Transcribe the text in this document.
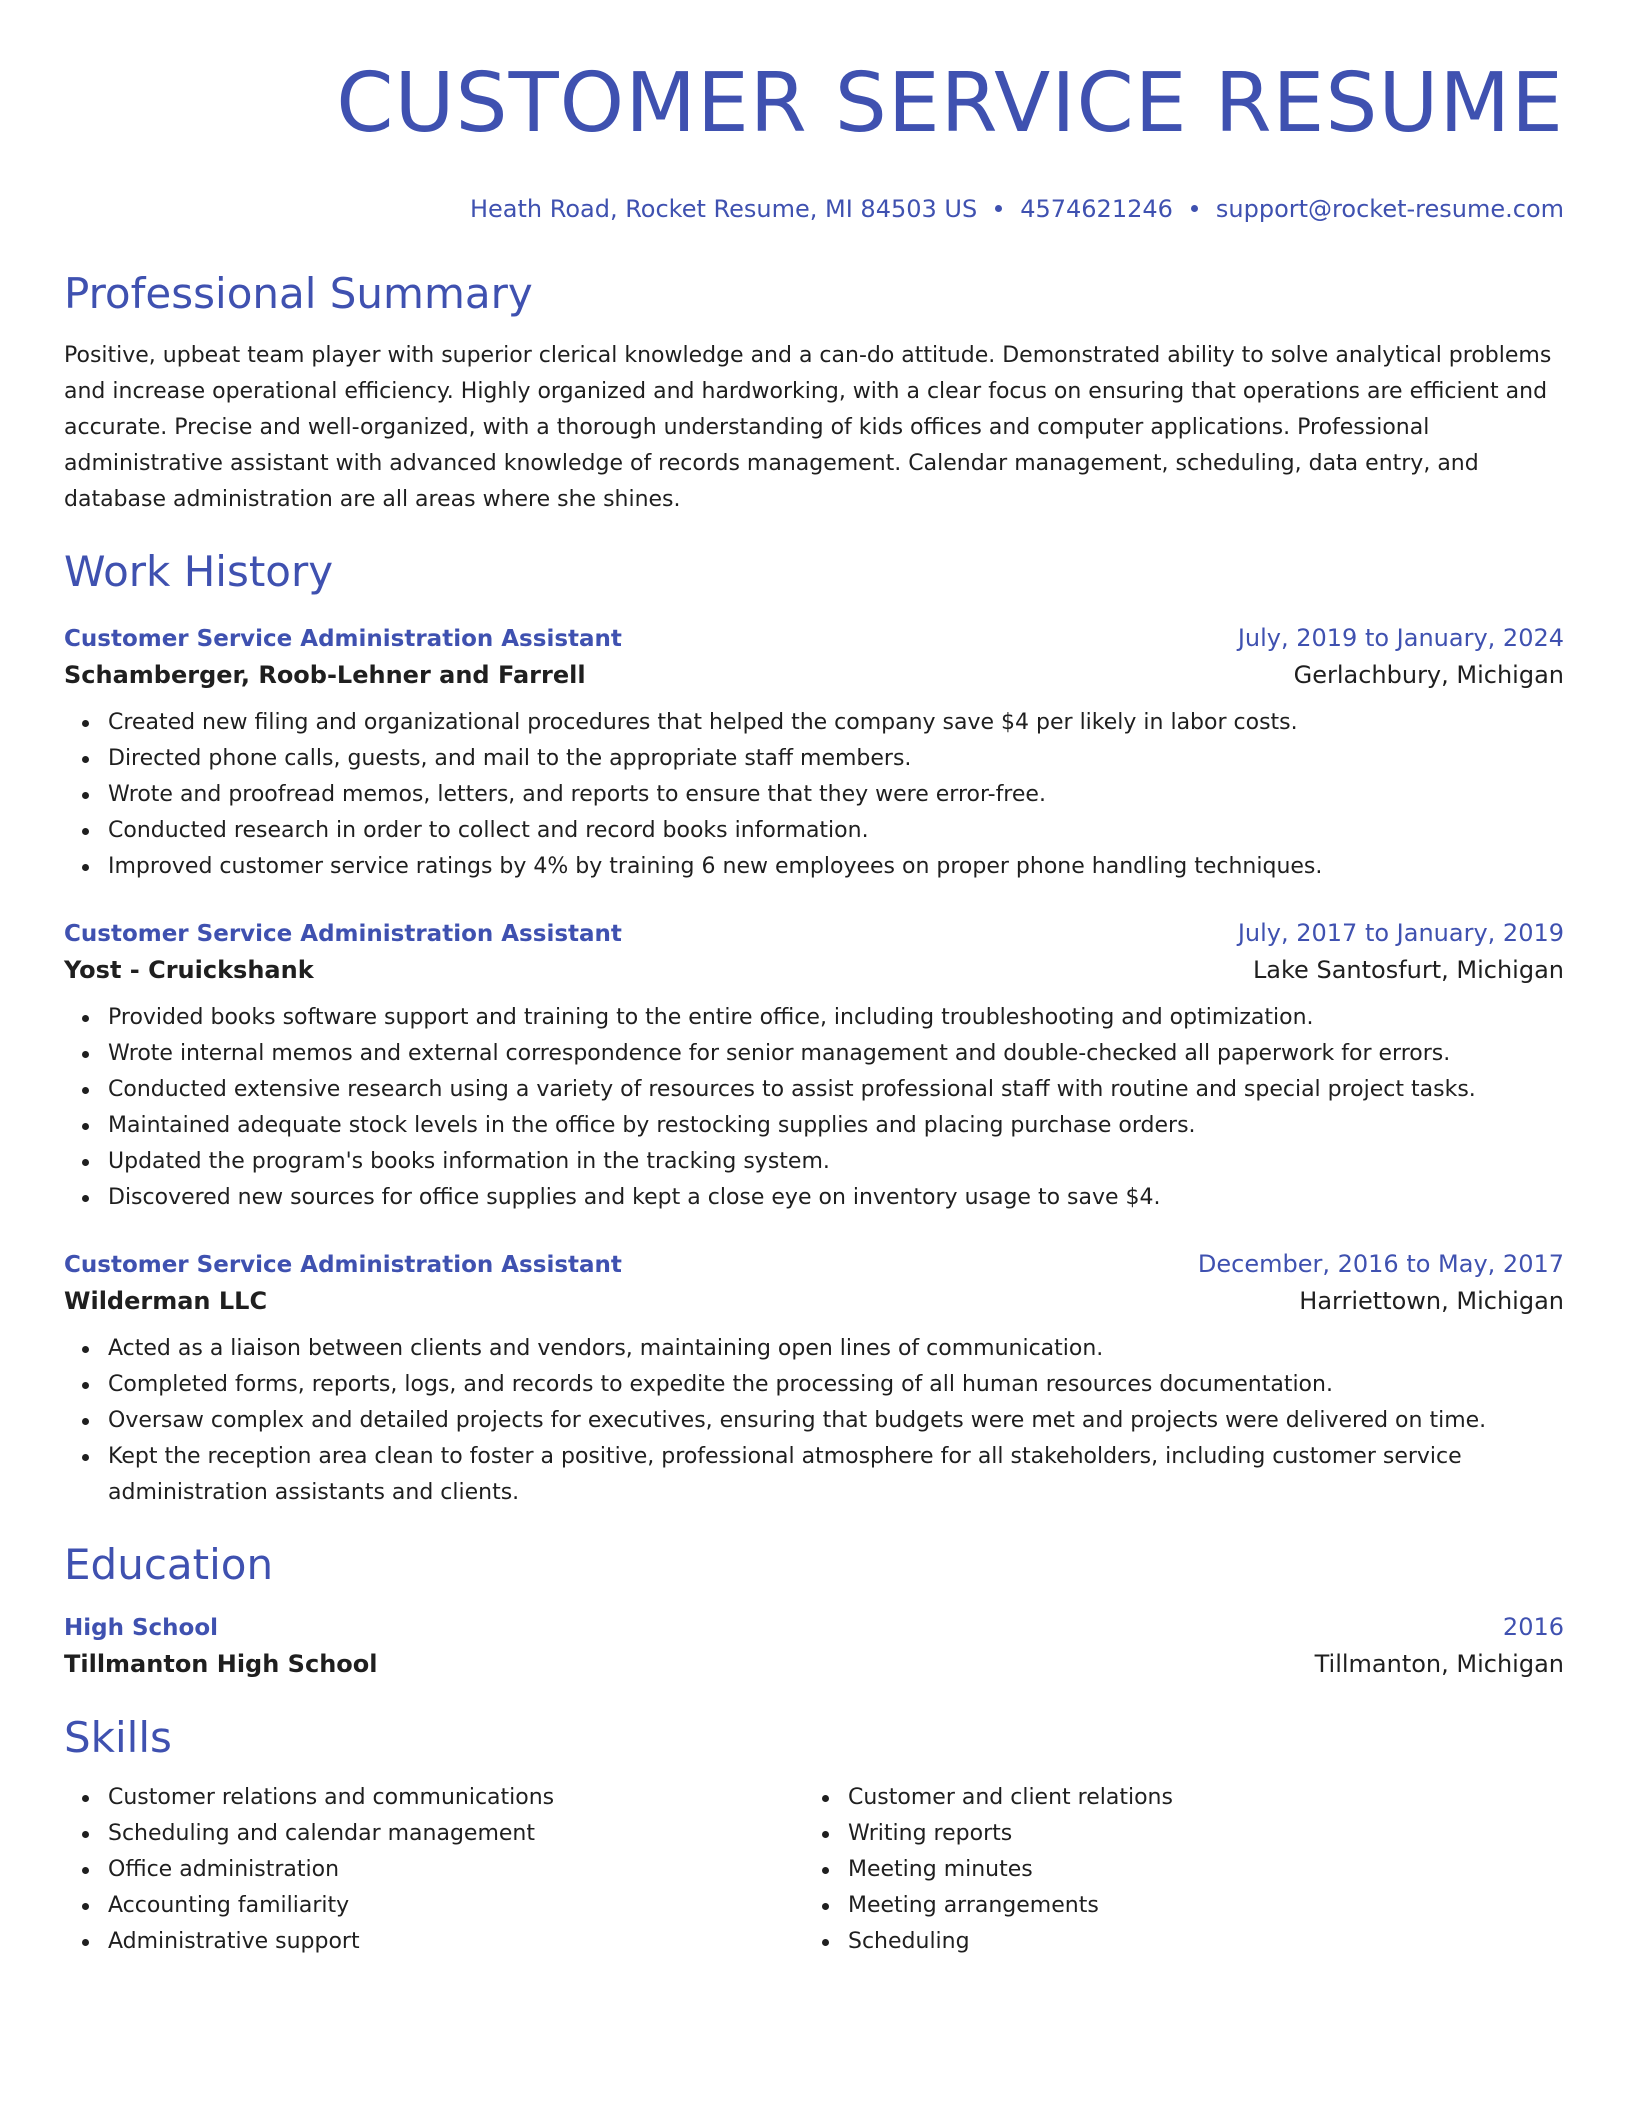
CUSTOMER SERVICE RESUME
Heath Road, Rocket Resume, MI 84503 US 4574621246 support@rocket-resume.com
Professional Summary
Positive, upbeat team player with superior clerical knowledge and a can-do attitude. Demonstrated ability to solve analytical problems and increase operational efficiency. Highly organized and hardworking, with a clear focus on ensuring that operations are efficient and accurate. Precise and well-organized, with a thorough understanding of kids offices and computer applications. Professional administrative assistant with advanced knowledge of records management. Calendar management, scheduling, data entry, and database administration are all areas where she shines.
Work History
Customer Service Administration Assistant	July, 2019 to January, 2024
Schamberger, Roob-Lehner and Farrell	Gerlachbury, Michigan
Created new filing and organizational procedures that helped the company save $4 per likely in labor costs.
Directed phone calls, guests, and mail to the appropriate staff members.
Wrote and proofread memos, letters, and reports to ensure that they were error-free.
Conducted research in order to collect and record books information.
Improved customer service ratings by 4% by training 6 new employees on proper phone handling techniques.
Customer Service Administration Assistant	July, 2017 to January, 2019
Yost - Cruickshank	Lake Santosfurt, Michigan
Provided books software support and training to the entire office, including troubleshooting and optimization.
Wrote internal memos and external correspondence for senior management and double-checked all paperwork for errors.
Conducted extensive research using a variety of resources to assist professional staff with routine and special project tasks.
Maintained adequate stock levels in the office by restocking supplies and placing purchase orders.
Updated the program's books information in the tracking system.
Discovered new sources for office supplies and kept a close eye on inventory usage to save $4.
Customer Service Administration Assistant	December, 2016 to May, 2017
Wilderman LLC	Harriettown, Michigan
Acted as a liaison between clients and vendors, maintaining open lines of communication.
Completed forms, reports, logs, and records to expedite the processing of all human resources documentation.
Oversaw complex and detailed projects for executives, ensuring that budgets were met and projects were delivered on time.
Kept the reception area clean to foster a positive, professional atmosphere for all stakeholders, including customer service administration assistants and clients.
Education
High School	2016
Tillmanton High School	Tillmanton, Michigan
Skills
Customer relations and communications
Scheduling and calendar management
Office administration
Accounting familiarity
Administrative support
Customer and client relations
Writing reports
Meeting minutes
Meeting arrangements
Scheduling
